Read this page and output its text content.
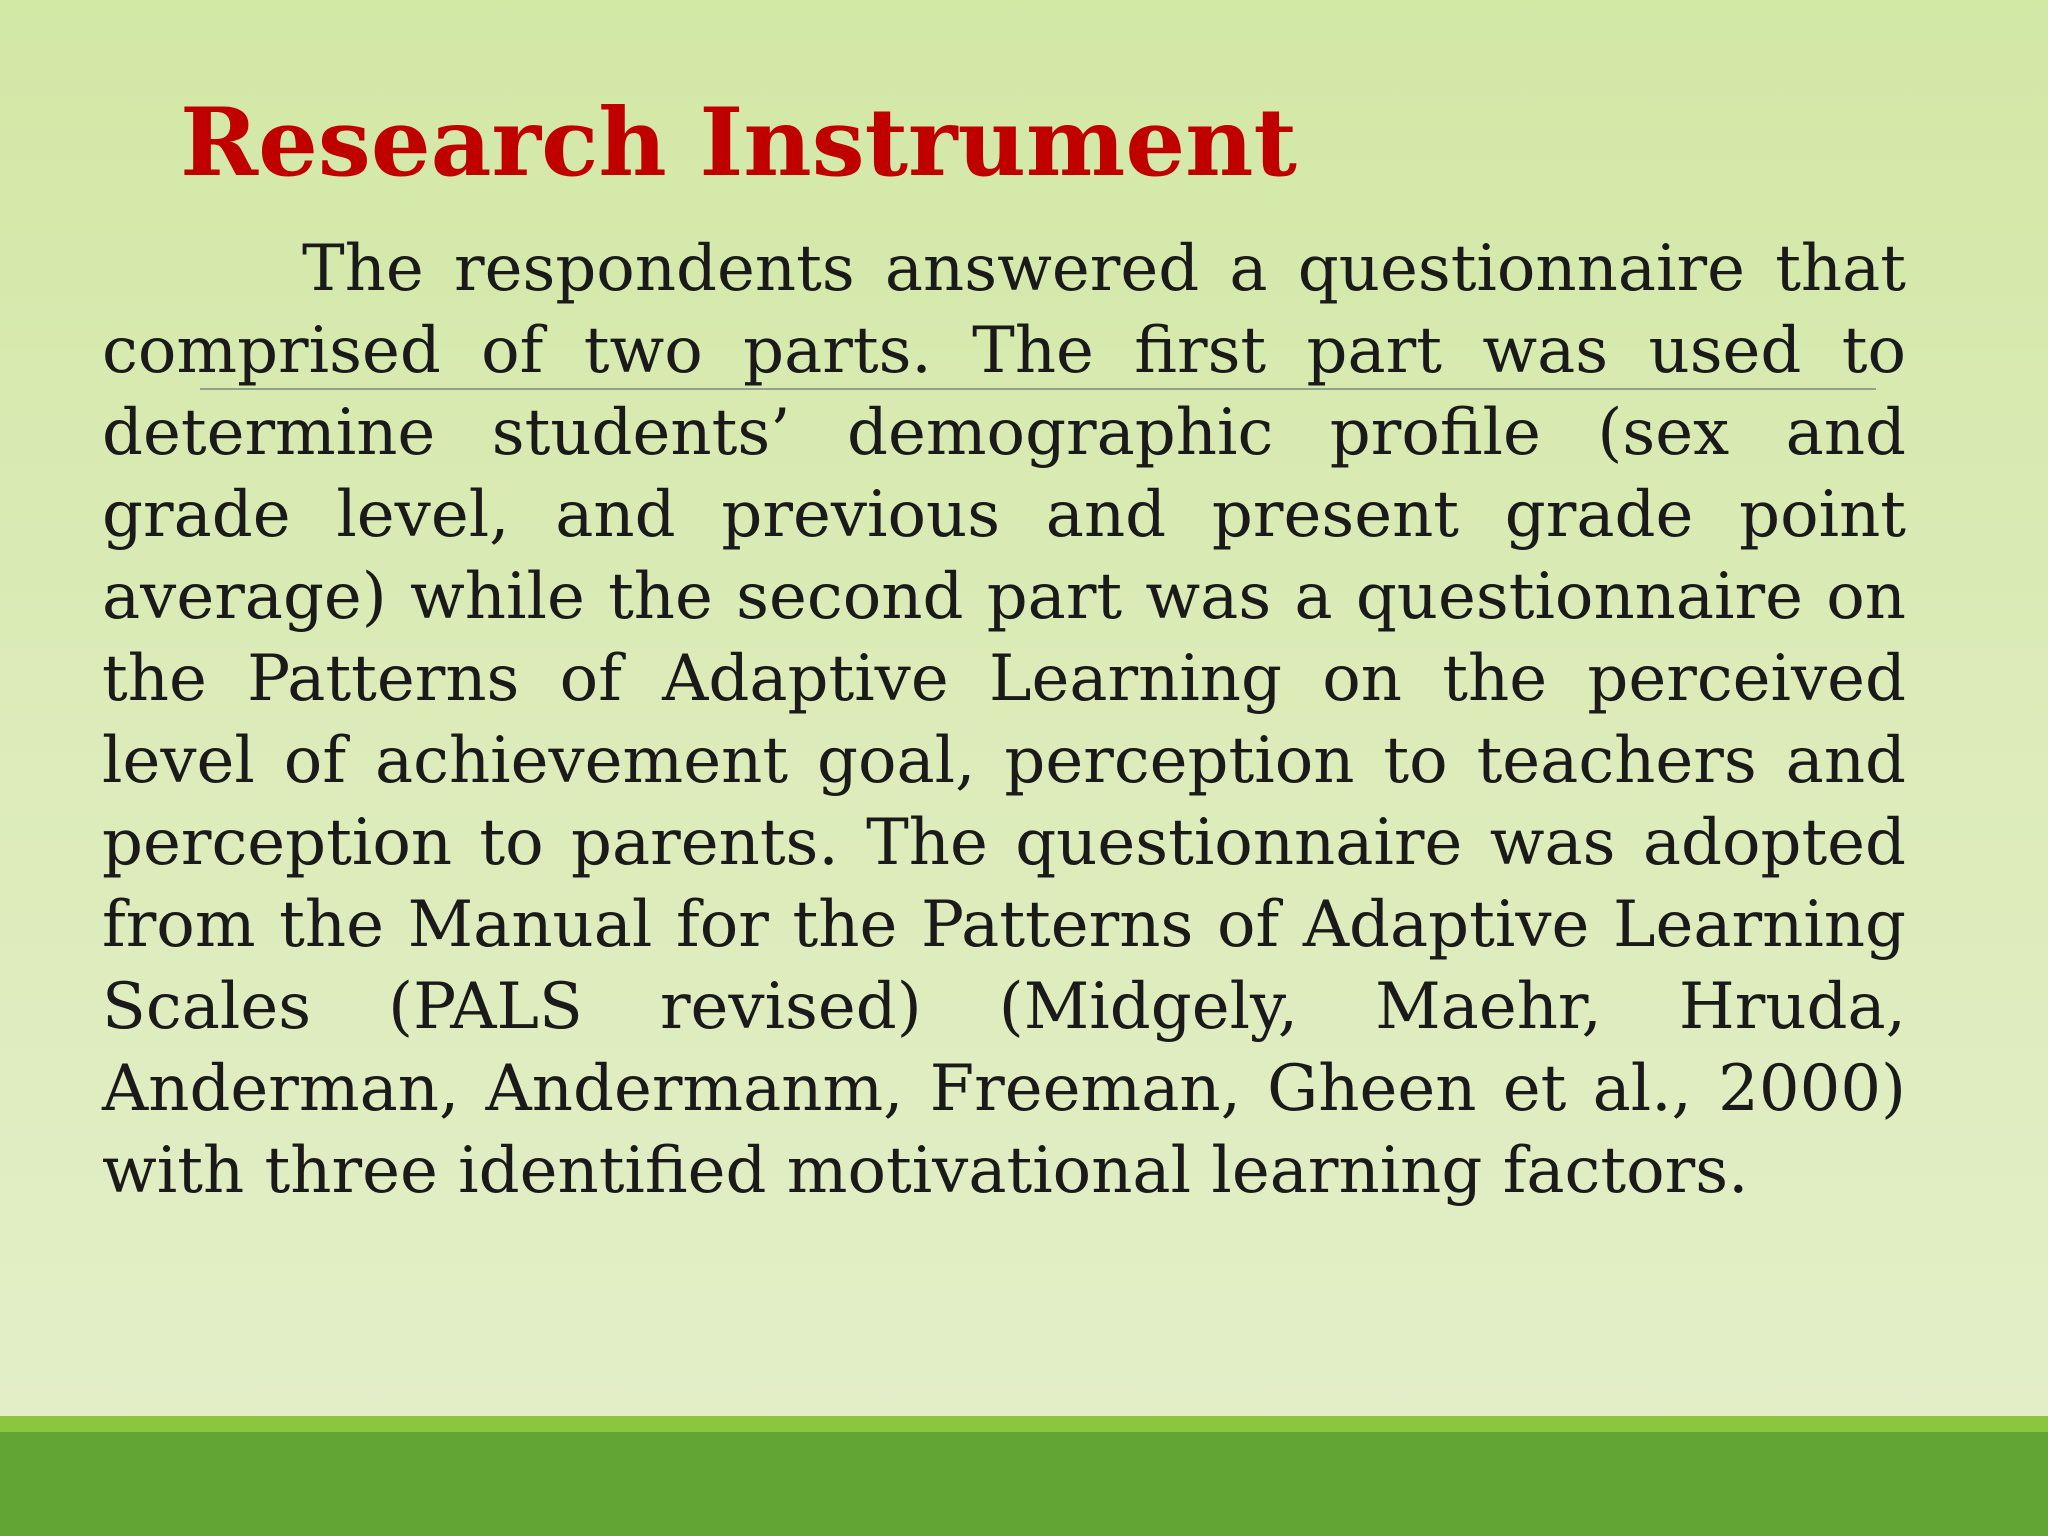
Research Instrument

The respondents answered a questionnaire that comprised of two parts. The first part was used to determine students’ demographic profile (sex and grade level, and previous and present grade point average) while the second part was a questionnaire on the Patterns of Adaptive Learning on the perceived level of achievement goal, perception to teachers and perception to parents. The questionnaire was adopted from the Manual for the Patterns of Adaptive Learning Scales (PALS revised) (Midgely, Maehr, Hruda, Anderman, Andermanm, Freeman, Gheen et al., 2000) with three identified motivational learning factors.
